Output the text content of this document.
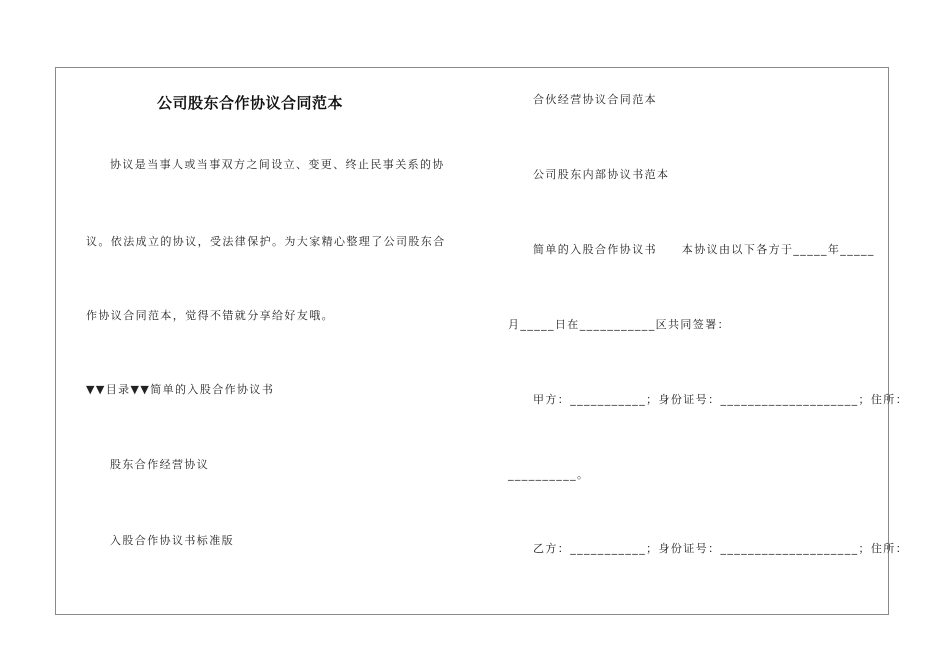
公司股东合作协议合同范本
协议是当事人或当事双方之间设立、变更、终止民事关系的协
议。依法成立的协议，受法律保护。为大家精心整理了公司股东合
作协议合同范本，觉得不错就分享给好友哦。
▼▼目录▼▼简单的入股合作协议书
股东合作经营协议
入股合作协议书标准版
合伙经营协议合同范本
公司股东内部协议书范本
简单的入股合作协议书　　本协议由以下各方于_____年_____
月_____日在___________区共同签署：
甲方：___________；身份证号：____________________；住所：
__________。
乙方：___________；身份证号：____________________；住所：
